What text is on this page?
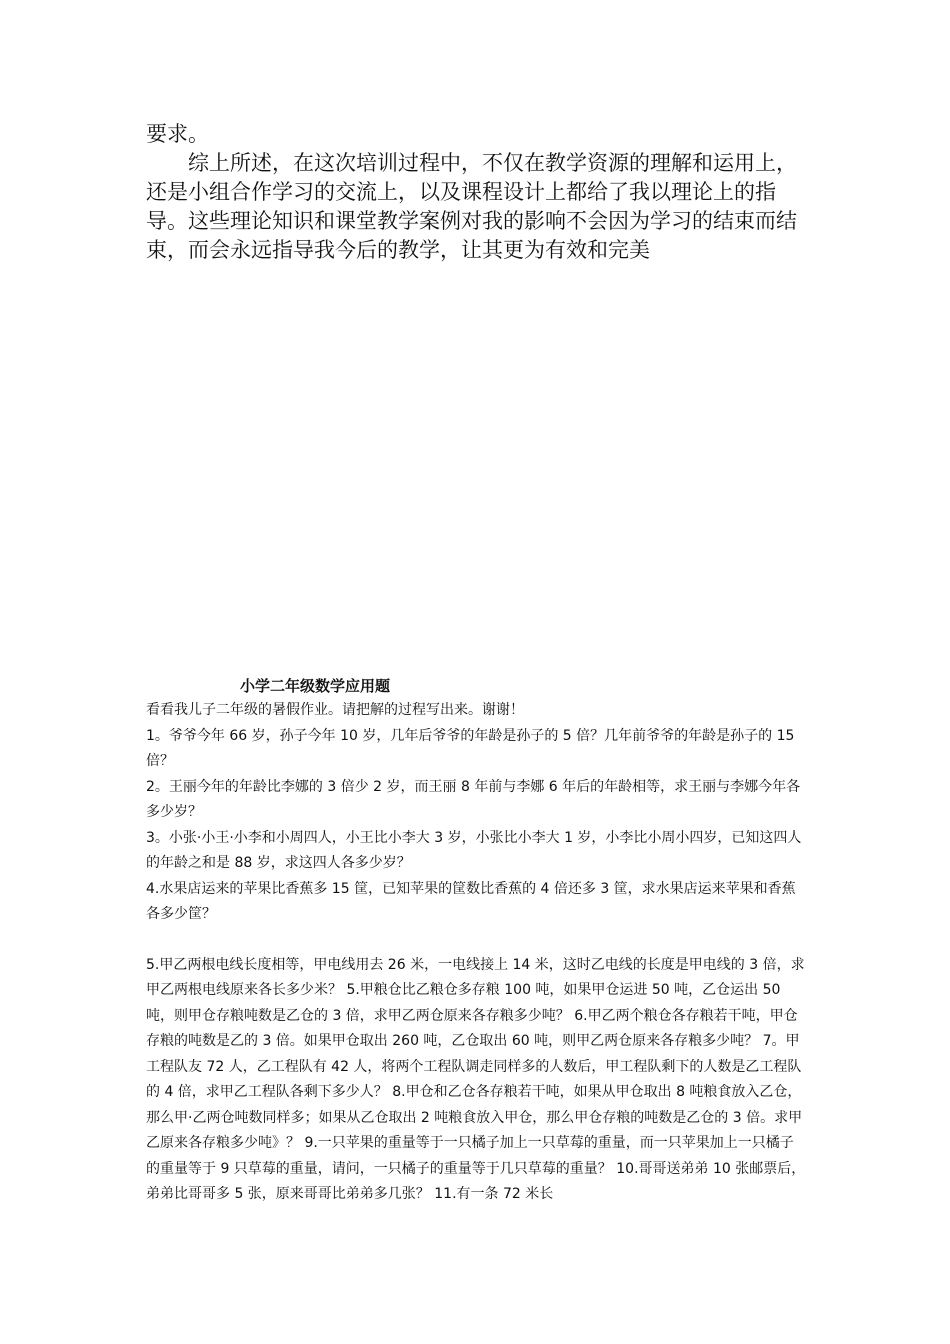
要求。

综上所述，在这次培训过程中，不仅在教学资源的理解和运用上，还是小组合作学习的交流上，以及课程设计上都给了我以理论上的指导。这些理论知识和课堂教学案例对我的影响不会因为学习的结束而结束，而会永远指导我今后的教学，让其更为有效和完美

小学二年级数学应用题

看看我儿子二年级的暑假作业。请把解的过程写出来。谢谢！

1。爷爷今年 66 岁，孙子今年 10 岁，几年后爷爷的年龄是孙子的 5 倍？几年前爷爷的年龄是孙子的 15 倍？

2。王丽今年的年龄比李娜的 3 倍少 2 岁，而王丽 8 年前与李娜 6 年后的年龄相等，求王丽与李娜今年各多少岁？

3。小张·小王·小李和小周四人，小王比小李大 3 岁，小张比小李大 1 岁，小李比小周小四岁，已知这四人的年龄之和是 88 岁，求这四人各多少岁？

4.水果店运来的苹果比香蕉多 15 筐，已知苹果的筐数比香蕉的 4 倍还多 3 筐，求水果店运来苹果和香蕉各多少筐？

5.甲乙两根电线长度相等，甲电线用去 26 米，一电线接上 14 米，这时乙电线的长度是甲电线的 3 倍，求甲乙两根电线原来各长多少米？ 5.甲粮仓比乙粮仓多存粮 100 吨，如果甲仓运进 50 吨，乙仓运出 50 吨，则甲仓存粮吨数是乙仓的 3 倍，求甲乙两仓原来各存粮多少吨？ 6.甲乙两个粮仓各存粮若干吨，甲仓存粮的吨数是乙的 3 倍。如果甲仓取出 260 吨，乙仓取出 60 吨，则甲乙两仓原来各存粮多少吨？ 7。甲工程队友 72 人，乙工程队有 42 人，将两个工程队调走同样多的人数后，甲工程队剩下的人数是乙工程队的 4 倍，求甲乙工程队各剩下多少人？ 8.甲仓和乙仓各存粮若干吨，如果从甲仓取出 8 吨粮食放入乙仓，那么甲·乙两仓吨数同样多；如果从乙仓取出 2 吨粮食放入甲仓，那么甲仓存粮的吨数是乙仓的 3 倍。求甲乙原来各存粮多少吨》？ 9.一只苹果的重量等于一只橘子加上一只草莓的重量，而一只苹果加上一只橘子的重量等于 9 只草莓的重量，请问，一只橘子的重量等于几只草莓的重量？ 10.哥哥送弟弟 10 张邮票后，弟弟比哥哥多 5 张，原来哥哥比弟弟多几张？ 11.有一条 72 米长
